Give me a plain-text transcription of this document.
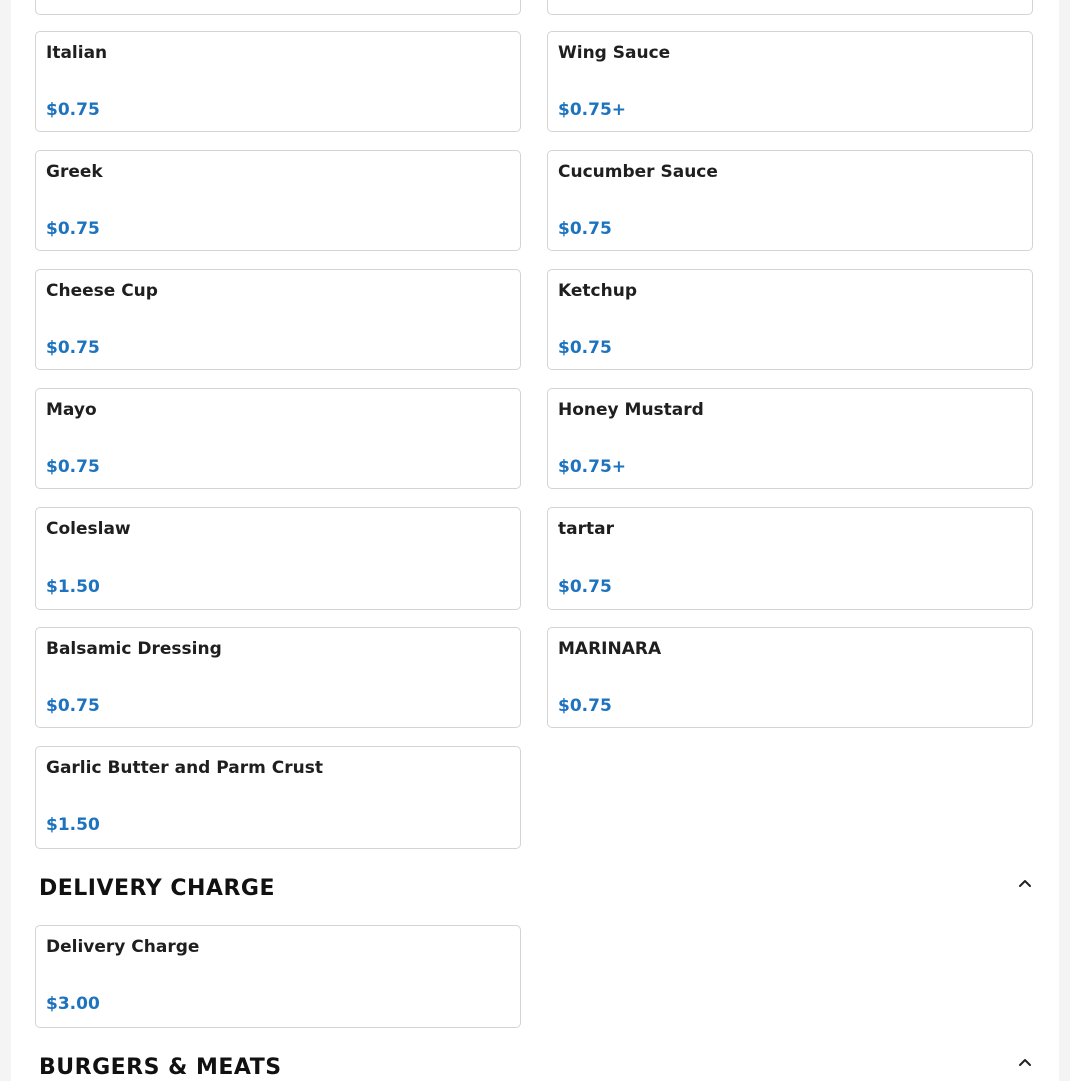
Italian
$0.75
Greek
$0.75
Cheese Cup
$0.75
Mayo
$0.75
Coleslaw
$1.50
Balsamic Dressing
$0.75
Garlic Butter and Parm Crust
$1.50
Wing Sauce
$0.75+
Cucumber Sauce
$0.75
Ketchup
$0.75
Honey Mustard
$0.75+
tartar
$0.75
MARINARA
$0.75
DELIVERY CHARGE
Delivery Charge
$3.00
BURGERS & MEATS
